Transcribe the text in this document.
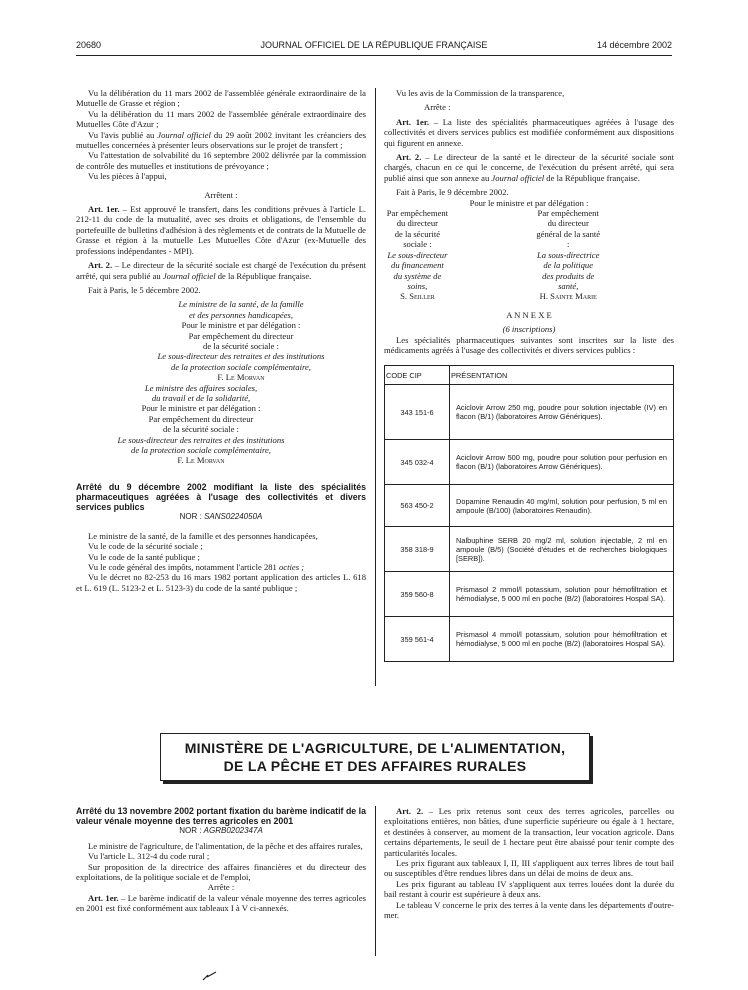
20680	JOURNAL OFFICIEL DE LA RÉPUBLIQUE FRANÇAISE	14 décembre 2002

Vu la délibération du 11 mars 2002 de l'assemblée générale extraordinaire de la Mutuelle de Grasse et région ;

Vu la délibération du 11 mars 2002 de l'assemblée générale extraordinaire des Mutuelles Côte d'Azur ;

Vu l'avis publié au Journal officiel du 29 août 2002 invitant les créanciers des mutuelles concernées à présenter leurs observations sur le projet de transfert ;

Vu l'attestation de solvabilité du 16 septembre 2002 délivrée par la commission de contrôle des mutuelles et institutions de prévoyance ;

Vu les pièces à l'appui,

Arrêtent :

Art. 1er. – Est approuvé le transfert, dans les conditions prévues à l'article L. 212-11 du code de la mutualité, avec ses droits et obligations, de l'ensemble du portefeuille de bulletins d'adhésion à des règlements et de contrats de la Mutuelle de Grasse et région à la mutuelle Les Mutuelles Côte d'Azur (ex-Mutuelle des professions indépendantes - MPI).

Art. 2. – Le directeur de la sécurité sociale est chargé de l'exécution du présent arrêté, qui sera publié au Journal officiel de la République française.

Fait à Paris, le 5 décembre 2002.

Le ministre de la santé, de la famille
et des personnes handicapées,
Pour le ministre et par délégation :
Par empêchement du directeur
de la sécurité sociale :
Le sous-directeur des retraites et des institutions
de la protection sociale complémentaire,
F. Le Morvan
Le ministre des affaires sociales,
du travail et de la solidarité,
Pour le ministre et par délégation :
Par empêchement du directeur
de la sécurité sociale :
Le sous-directeur des retraites et des institutions
de la protection sociale complémentaire,
F. Le Morvan

Arrêté du 9 décembre 2002 modifiant la liste des spécialités pharmaceutiques agréées à l'usage des collectivités et divers services publics

NOR : SANS0224050A

Le ministre de la santé, de la famille et des personnes handicapées,

Vu le code de la sécurité sociale ;

Vu le code de la santé publique ;

Vu le code général des impôts, notamment l'article 281 octies ;

Vu le décret no 82-253 du 16 mars 1982 portant application des articles L. 618 et L. 619 (L. 5123-2 et L. 5123-3) du code de la santé publique ;

Vu les avis de la Commission de la transparence,

Arrête :

Art. 1er. – La liste des spécialités pharmaceutiques agréées à l'usage des collectivités et divers services publics est modifiée conformément aux dispositions qui figurent en annexe.

Art. 2. – Le directeur de la santé et le directeur de la sécurité sociale sont chargés, chacun en ce qui le concerne, de l'exécution du présent arrêté, qui sera publié ainsi que son annexe au Journal officiel de la République française.

Fait à Paris, le 9 décembre 2002.

Pour le ministre et par délégation :

Par empêchement du directeur
de la sécurité sociale :
Le sous-directeur
du financement
du système de soins,
S. Seiller
Par empêchement
du directeur général de la santé :
La sous-directrice
de la politique
des produits de santé,
H. Sainte Marie

A N N E X E

(6 inscriptions)

Les spécialités pharmaceutiques suivantes sont inscrites sur la liste des médicaments agréés à l'usage des collectivités et divers services publics :

CODE CIP	PRÉSENTATION
343 151-6	Aciclovir Arrow 250 mg, poudre pour solution injectable (IV) en flacon (B/1) (laboratoires Arrow Génériques).
345 032-4	Aciclovir Arrow 500 mg, poudre pour solution pour perfusion en flacon (B/1) (laboratoires Arrow Génériques).
563 450-2	Dopamine Renaudin 40 mg/ml, solution pour perfusion, 5 ml en ampoule (B/100) (laboratoires Renaudin).
358 318-9	Nalbuphine SERB 20 mg/2 ml, solution injectable, 2 ml en ampoule (B/5) (Société d'études et de recherches biologiques [SERB]).
359 560-8	Prismasol 2 mmol/l potassium, solution pour hémofiltration et hémodialyse, 5 000 ml en poche (B/2) (laboratoires Hospal SA).
359 561-4	Prismasol 4 mmol/l potassium, solution pour hémofiltration et hémodialyse, 5 000 ml en poche (B/2) (laboratoires Hospal SA).
MINISTÈRE DE L'AGRICULTURE, DE L'ALIMENTATION,
DE LA PÊCHE ET DES AFFAIRES RURALES

Arrêté du 13 novembre 2002 portant fixation du barème indicatif de la valeur vénale moyenne des terres agricoles en 2001

NOR : AGRB0202347A

Le ministre de l'agriculture, de l'alimentation, de la pêche et des affaires rurales,

Vu l'article L. 312-4 du code rural ;

Sur proposition de la directrice des affaires financières et du directeur des exploitations, de la politique sociale et de l'emploi,

Arrête :

Art. 1er. – Le barème indicatif de la valeur vénale moyenne des terres agricoles en 2001 est fixé conformément aux tableaux I à V ci-annexés.

Art. 2. – Les prix retenus sont ceux des terres agricoles, parcelles ou exploitations entières, non bâties, d'une superficie supérieure ou égale à 1 hectare, et destinées à conserver, au moment de la transaction, leur vocation agricole. Dans certains départements, le seuil de 1 hectare peut être abaissé pour tenir compte des particularités locales.

Les prix figurant aux tableaux I, II, III s'appliquent aux terres libres de tout bail ou susceptibles d'être rendues libres dans un délai de moins de deux ans.

Les prix figurant au tableau IV s'appliquent aux terres louées dont la durée du bail restant à courir est supérieure à deux ans.

Le tableau V concerne le prix des terres à la vente dans les départements d'outre-mer.
